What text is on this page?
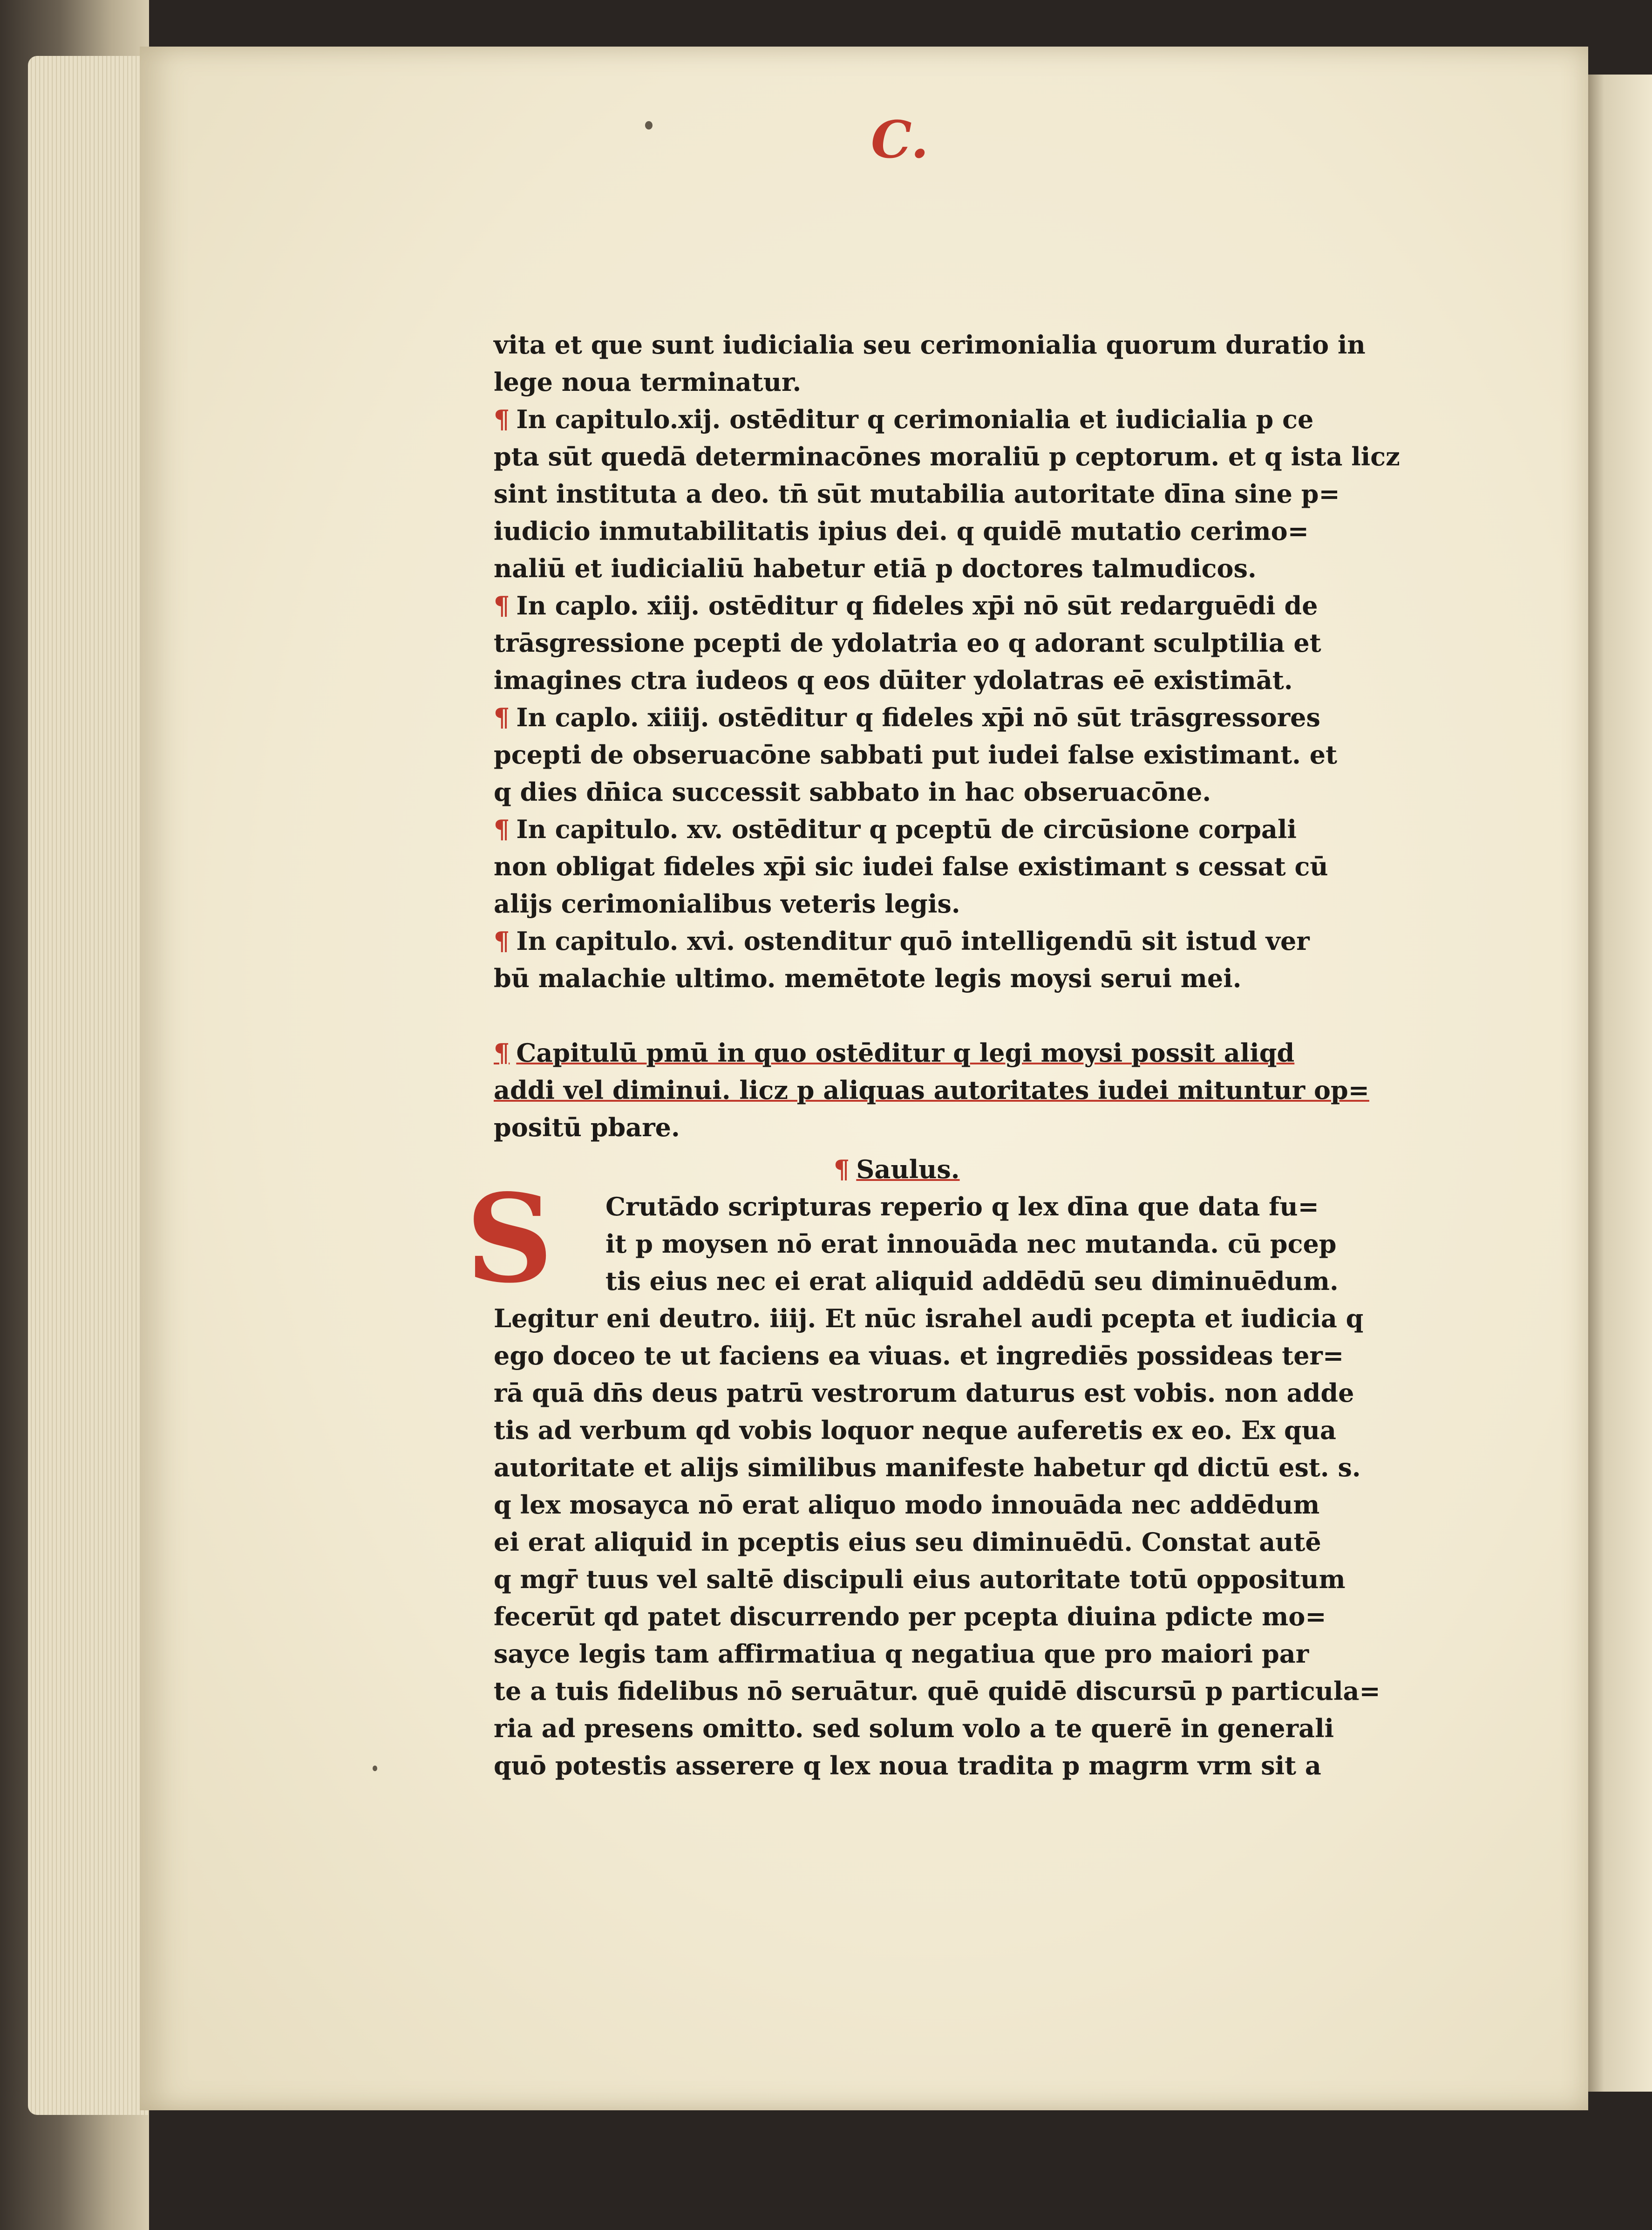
C.
vita et que sunt iudicialia seu cerimonialia quorum duratio in
lege noua terminatur.
¶ In capitulo.xij. ostēditur q cerimonialia et iudicialia p ce
pta sūt quedā determinacōnes moraliū p ceptorum. et q ista licz
sint instituta a deo. tn̄ sūt mutabilia autoritate dīna sine p=
iudicio inmutabilitatis ipius dei. q quidē mutatio cerimo=
naliū et iudicialiū habetur etiā p doctores talmudicos.
¶ In caplo. xiij. ostēditur q fideles xp̄i nō sūt redarguēdi de
trāsgressione pcepti de ydolatria eo q adorant sculptilia et
imagines ctra iudeos q eos dūiter ydolatras eē existimāt.
¶ In caplo. xiiij. ostēditur q fideles xp̄i nō sūt trāsgressores
pcepti de obseruacōne sabbati put iudei false existimant. et
q dies dn̄ica successit sabbato in hac obseruacōne.
¶ In capitulo. xv. ostēditur q pceptū de circūsione corpali
non obligat fideles xp̄i sic iudei false existimant s cessat cū
alijs cerimonialibus veteris legis.
¶ In capitulo. xvi. ostenditur quō intelligendū sit istud ver
bū malachie ultimo. memētote legis moysi serui mei.
¶ Capitulū pmū in quo ostēditur q legi moysi possit aliqd
addi vel diminui. licz p aliquas autoritates iudei mituntur op=
positū pbare.
¶ Saulus.
S	Crutādo scripturas reperio q lex dīna que data fu=
it p moysen nō erat innouāda nec mutanda. cū pcep
tis eius nec ei erat aliquid addēdū seu diminuēdum.
Legitur eni deutro. iiij. Et nūc israhel audi pcepta et iudicia q
ego doceo te ut faciens ea viuas. et ingrediēs possideas ter=
rā quā dn̄s deus patrū vestrorum daturus est vobis. non adde
tis ad verbum qd vobis loquor neque auferetis ex eo. Ex qua
autoritate et alijs similibus manifeste habetur qd dictū est. s.
q lex mosayca nō erat aliquo modo innouāda nec addēdum
ei erat aliquid in pceptis eius seu diminuēdū. Constat autē
q mgr̄ tuus vel saltē discipuli eius autoritate totū oppositum
fecerūt qd patet discurrendo per pcepta diuina pdicte mo=
sayce legis tam affirmatiua q negatiua que pro maiori par
te a tuis fidelibus nō seruātur. quē quidē discursū p particula=
ria ad presens omitto. sed solum volo a te querē in generali
quō potestis asserere q lex noua tradita p magrm vrm sit a
